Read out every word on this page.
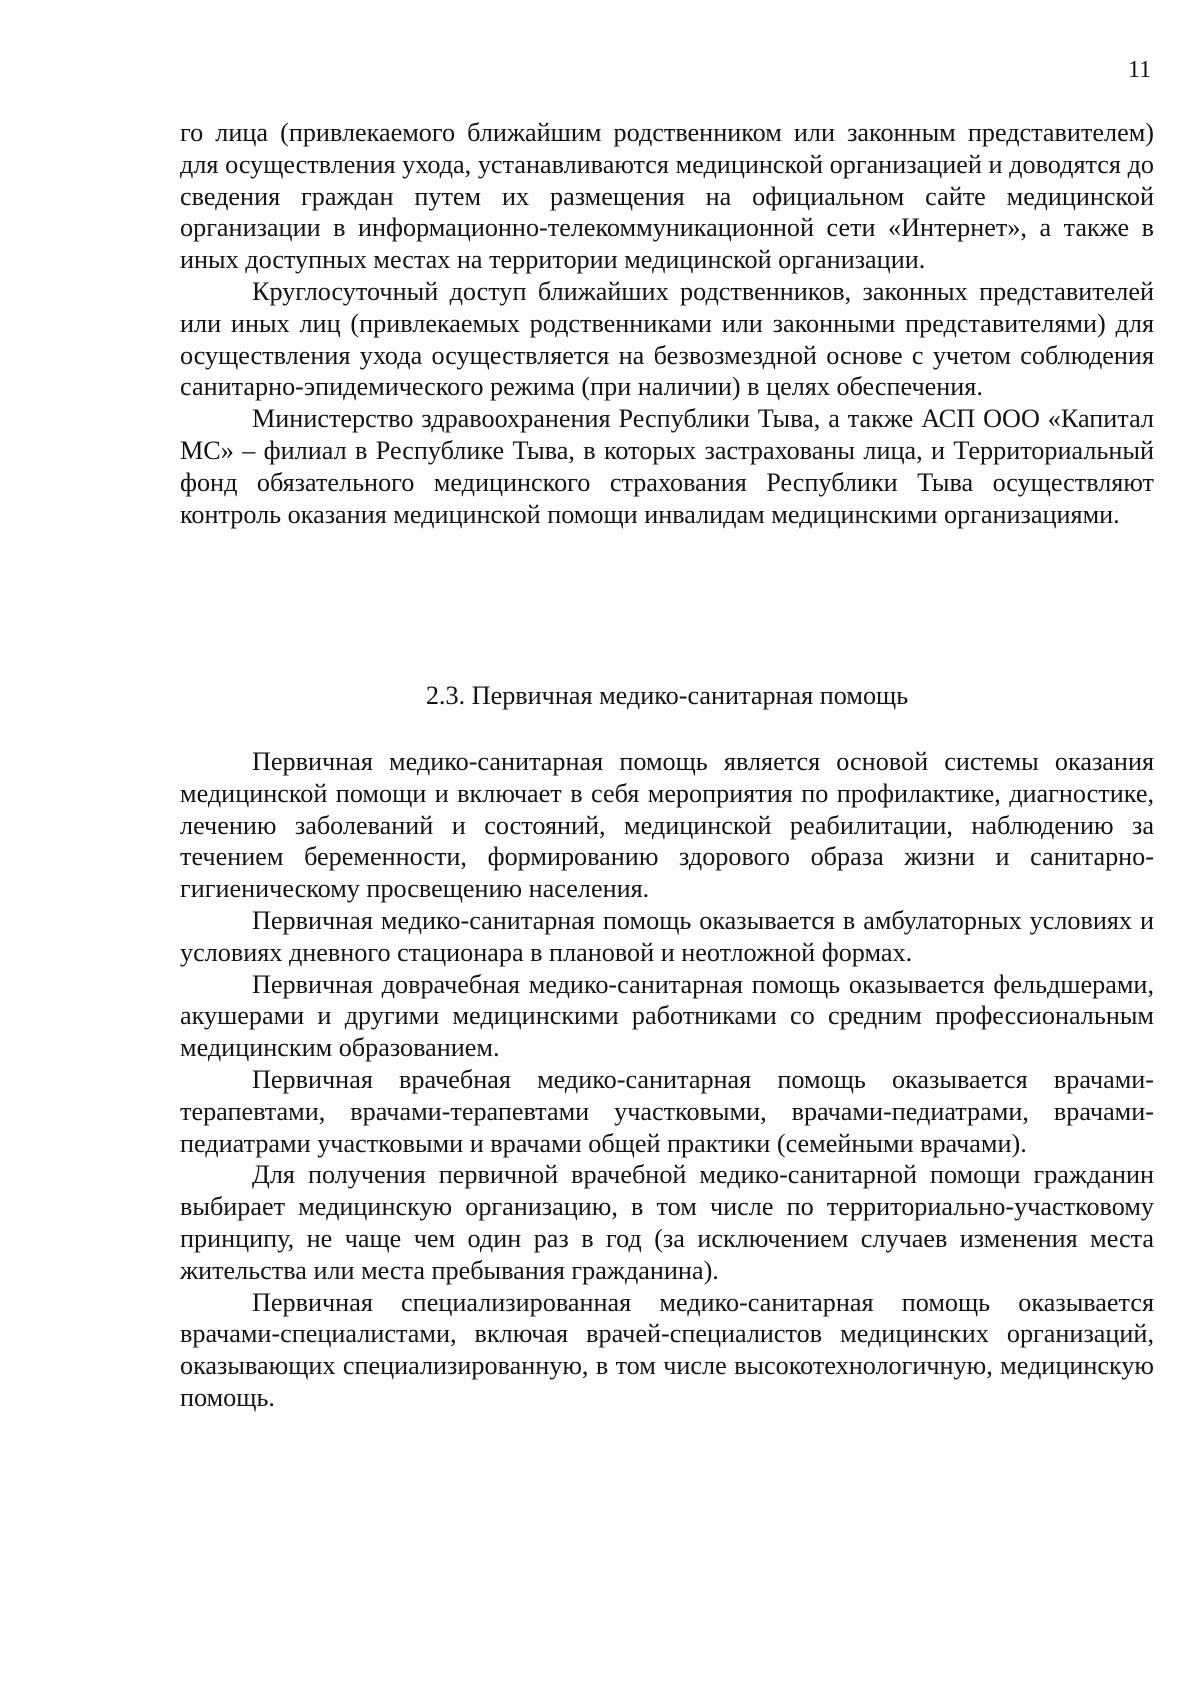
11

го лица (привлекаемого ближайшим родственником или законным представителем) для осуществления ухода, устанавливаются медицинской организацией и доводятся до сведения граждан путем их размещения на официальном сайте медицинской организации в информационно-телекоммуникационной сети «Интернет», а также в иных доступных местах на территории медицинской организации.

Круглосуточный доступ ближайших родственников, законных представителей или иных лиц (привлекаемых родственниками или законными представителями) для осуществления ухода осуществляется на безвозмездной основе с учетом соблюдения санитарно-эпидемического режима (при наличии) в целях обеспечения.

Министерство здравоохранения Республики Тыва, а также АСП ООО «Капитал МС» – филиал в Республике Тыва, в которых застрахованы лица, и Территориальный фонд обязательного медицинского страхования Республики Тыва осуществляют контроль оказания медицинской помощи инвалидам медицинскими организациями.

2.3. Первичная медико-санитарная помощь

Первичная медико-санитарная помощь является основой системы оказания медицинской помощи и включает в себя мероприятия по профилактике, диагностике, лечению заболеваний и состояний, медицинской реабилитации, наблюдению за течением беременности, формированию здорового образа жизни и санитарно-гигиеническому просвещению населения.

Первичная медико-санитарная помощь оказывается в амбулаторных условиях и условиях дневного стационара в плановой и неотложной формах.

Первичная доврачебная медико-санитарная помощь оказывается фельдшерами, акушерами и другими медицинскими работниками со средним профессиональным медицинским образованием.

Первичная врачебная медико-санитарная помощь оказывается врачами-терапевтами, врачами-терапевтами участковыми, врачами-педиатрами, врачами-педиатрами участковыми и врачами общей практики (семейными врачами).

Для получения первичной врачебной медико-санитарной помощи гражданин выбирает медицинскую организацию, в том числе по территориально-участковому принципу, не чаще чем один раз в год (за исключением случаев изменения места жительства или места пребывания гражданина).

Первичная специализированная медико-санитарная помощь оказывается врачами-специалистами, включая врачей-специалистов медицинских организаций, оказывающих специализированную, в том числе высокотехнологичную, медицинскую помощь.
